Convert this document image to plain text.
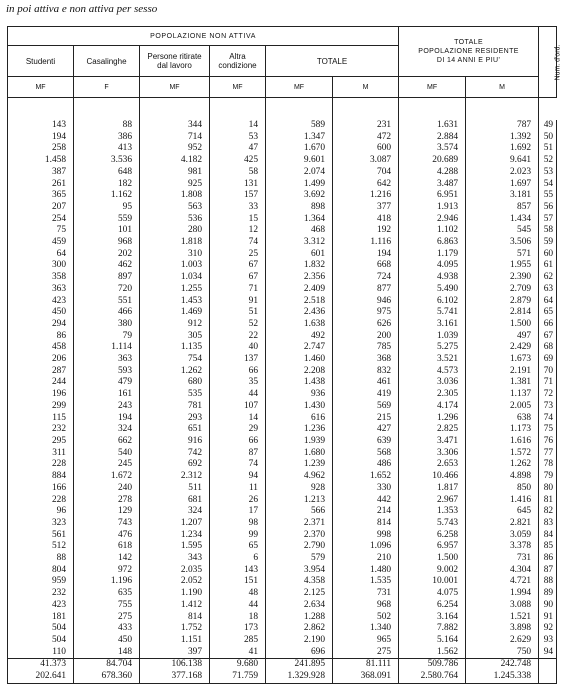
in poi attiva e non attiva per sesso
POPOLAZIONE NON ATTIVA						TOTALE
POPOLAZIONE RESIDENTE
DI 14 ANNI E PIU'		Num. d'ord.
Studenti	Casalinghe	Persone ritirate
dal lavoro	Altra
condizione	TOTALE				
MF	F	MF	MF	MF	M	MF	M	

143	88	344	14	589	231	1.631	787	49
194	386	714	53	1.347	472	2.884	1.392	50
258	413	952	47	1.670	600	3.574	1.692	51
1.458	3.536	4.182	425	9.601	3.087	20.689	9.641	52
387	648	981	58	2.074	704	4.288	2.023	53
261	182	925	131	1.499	642	3.487	1.697	54
365	1.162	1.808	157	3.692	1.216	6.951	3.181	55
207	95	563	33	898	377	1.913	857	56
254	559	536	15	1.364	418	2.946	1.434	57
75	101	280	12	468	192	1.102	545	58
459	968	1.818	74	3.312	1.116	6.863	3.506	59
64	202	310	25	601	194	1.179	571	60
300	462	1.003	67	1.832	668	4.095	1.955	61
358	897	1.034	67	2.356	724	4.938	2.390	62
363	720	1.255	71	2.409	877	5.490	2.709	63
423	551	1.453	91	2.518	946	6.102	2.879	64
450	466	1.469	51	2.436	975	5.741	2.814	65
294	380	912	52	1.638	626	3.161	1.500	66
86	79	305	22	492	200	1.039	497	67
458	1.114	1.135	40	2.747	785	5.275	2.429	68
206	363	754	137	1.460	368	3.521	1.673	69
287	593	1.262	66	2.208	832	4.573	2.191	70
244	479	680	35	1.438	461	3.036	1.381	71
196	161	535	44	936	419	2.305	1.137	72
299	243	781	107	1.430	569	4.174	2.005	73
115	194	293	14	616	215	1.296	638	74
232	324	651	29	1.236	427	2.825	1.173	75
295	662	916	66	1.939	639	3.471	1.616	76
311	540	742	87	1.680	568	3.306	1.572	77
228	245	692	74	1.239	486	2.653	1.262	78
884	1.672	2.312	94	4.962	1.652	10.466	4.898	79
166	240	511	11	928	330	1.817	850	80
228	278	681	26	1.213	442	2.967	1.416	81
96	129	324	17	566	214	1.353	645	82
323	743	1.207	98	2.371	814	5.743	2.821	83
561	476	1.234	99	2.370	998	6.258	3.059	84
512	618	1.595	65	2.790	1.096	6.957	3.378	85
88	142	343	6	579	210	1.500	731	86
804	972	2.035	143	3.954	1.480	9.002	4.304	87
959	1.196	2.052	151	4.358	1.535	10.001	4.721	88
232	635	1.190	48	2.125	731	4.075	1.994	89
423	755	1.412	44	2.634	968	6.254	3.088	90
181	275	814	18	1.288	502	3.164	1.521	91
504	433	1.752	173	2.862	1.340	7.882	3.898	92
504	450	1.151	285	2.190	965	5.164	2.629	93
110	148	397	41	696	275	1.562	750	94
41.373	84.704	106.138	9.680	241.895	81.111	509.786	242.748	
202.641	678.360	377.168	71.759	1.329.928	368.091	2.580.764	1.245.338	
